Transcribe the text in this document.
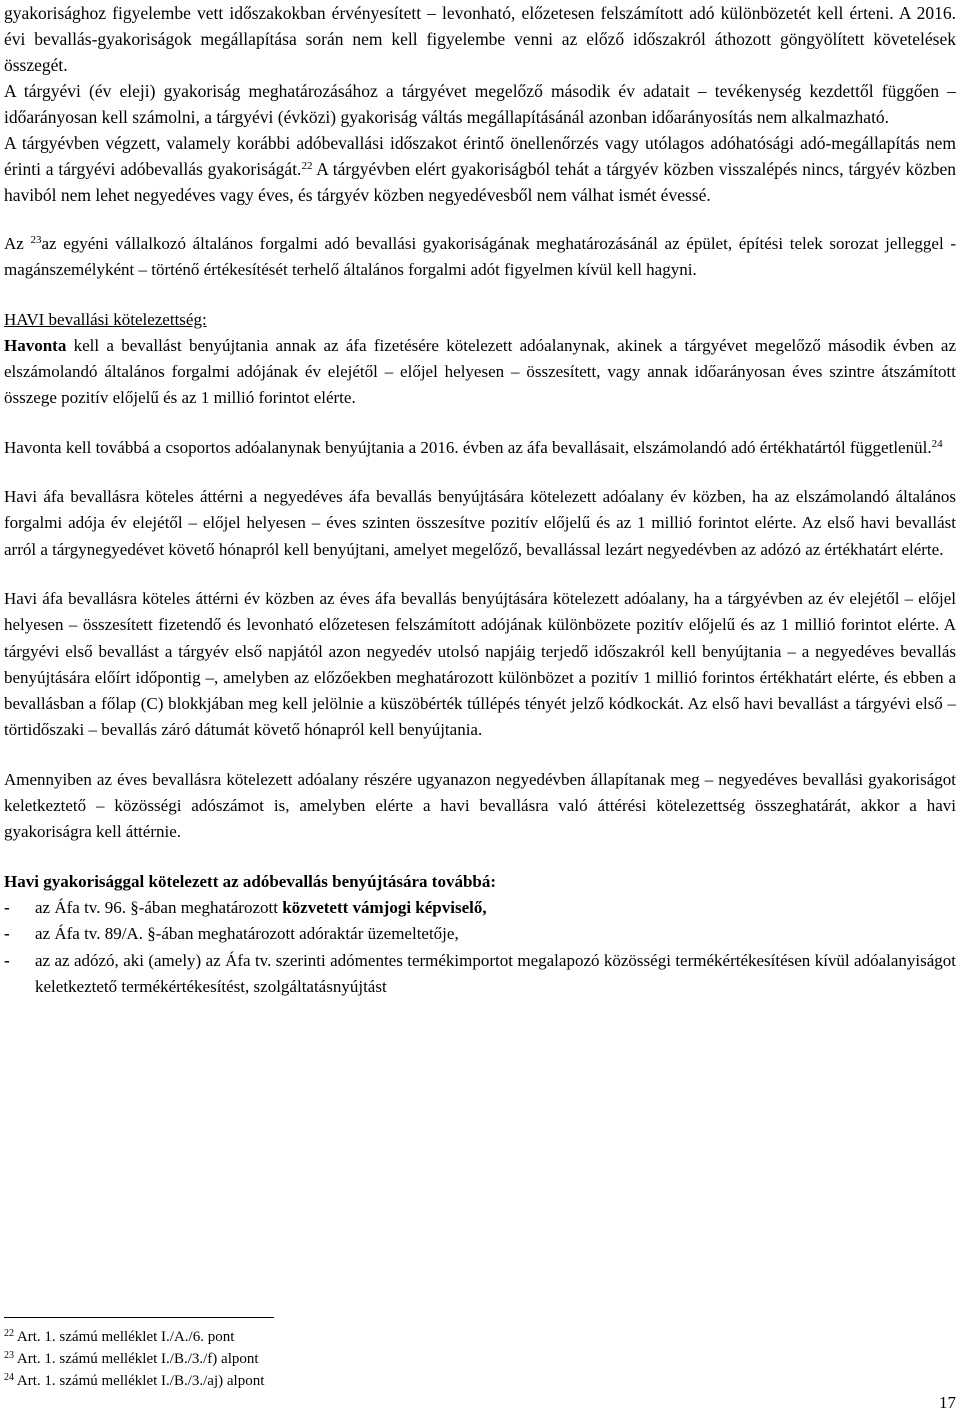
gyakorisághoz figyelembe vett időszakokban érvényesített – levonható, előzetesen felszámított adó különbözetét kell érteni. A 2016. évi bevallás-gyakoriságok megállapítása során nem kell figyelembe venni az előző időszakról áthozott göngyölített követelések összegét.

A tárgyévi (év eleji) gyakoriság meghatározásához a tárgyévet megelőző második év adatait – tevékenység kezdettől függően – időarányosan kell számolni, a tárgyévi (évközi) gyakoriság váltás megállapításánál azonban időarányosítás nem alkalmazható.

A tárgyévben végzett, valamely korábbi adóbevallási időszakot érintő önellenőrzés vagy utólagos adóhatósági adó-megállapítás nem érinti a tárgyévi adóbevallás gyakoriságát.$^{22}$ A tárgyévben elért gyakoriságból tehát a tárgyév közben visszalépés nincs, tárgyév közben haviból nem lehet negyedéves vagy éves, és tárgyév közben negyedévesből nem válhat ismét évessé.

Az $^{23}$az egyéni vállalkozó általános forgalmi adó bevallási gyakoriságának meghatározásánál az épület, építési telek sorozat jelleggel - magánszemélyként – történő értékesítését terhelő általános forgalmi adót figyelmen kívül kell hagyni.

HAVI bevallási kötelezettség:

Havonta kell a bevallást benyújtania annak az áfa fizetésére kötelezett adóalanynak, akinek a tárgyévet megelőző második évben az elszámolandó általános forgalmi adójának év elejétől – előjel helyesen – összesített, vagy annak időarányosan éves szintre átszámított összege pozitív előjelű és az 1 millió forintot elérte.

Havonta kell továbbá a csoportos adóalanynak benyújtania a 2016. évben az áfa bevallásait, elszámolandó adó értékhatártól függetlenül.$^{24}$

Havi áfa bevallásra köteles áttérni a negyedéves áfa bevallás benyújtására kötelezett adóalany év közben, ha az elszámolandó általános forgalmi adója év elejétől – előjel helyesen – éves szinten összesítve pozitív előjelű és az 1 millió forintot elérte. Az első havi bevallást arról a tárgynegyedévet követő hónapról kell benyújtani, amelyet megelőző, bevallással lezárt negyedévben az adózó az értékhatárt elérte.

Havi áfa bevallásra köteles áttérni év közben az éves áfa bevallás benyújtására kötelezett adóalany, ha a tárgyévben az év elejétől – előjel helyesen – összesített fizetendő és levonható előzetesen felszámított adójának különbözete pozitív előjelű és az 1 millió forintot elérte. A tárgyévi első bevallást a tárgyév első napjától azon negyedév utolsó napjáig terjedő időszakról kell benyújtania – a negyedéves bevallás benyújtására előírt időpontig –, amelyben az előzőekben meghatározott különbözet a pozitív 1 millió forintos értékhatárt elérte, és ebben a bevallásban a főlap (C) blokkjában meg kell jelölnie a küszöbérték túllépés tényét jelző kódkockát. Az első havi bevallást a tárgyévi első – törtidőszaki – bevallás záró dátumát követő hónapról kell benyújtania.

Amennyiben az éves bevallásra kötelezett adóalany részére ugyanazon negyedévben állapítanak meg – negyedéves bevallási gyakoriságot keletkeztető – közösségi adószámot is, amelyben elérte a havi bevallásra való áttérési kötelezettség összeghatárát, akkor a havi gyakoriságra kell áttérnie.

Havi gyakorisággal kötelezett az adóbevallás benyújtására továbbá:

-	az Áfa tv. 96. §-ában meghatározott közvetett vámjogi képviselő,
-	az Áfa tv. 89/A. §-ában meghatározott adóraktár üzemeltetője,
-	az az adózó, aki (amely) az Áfa tv. szerinti adómentes termékimportot megalapozó közösségi termékértékesítésen kívül adóalanyiságot keletkeztető termékértékesítést, szolgáltatásnyújtást
$^{22}$ Art. 1. számú melléklet I./A./6. pont
$^{23}$ Art. 1. számú melléklet I./B./3./f) alpont
$^{24}$ Art. 1. számú melléklet I./B./3./aj) alpont
17
